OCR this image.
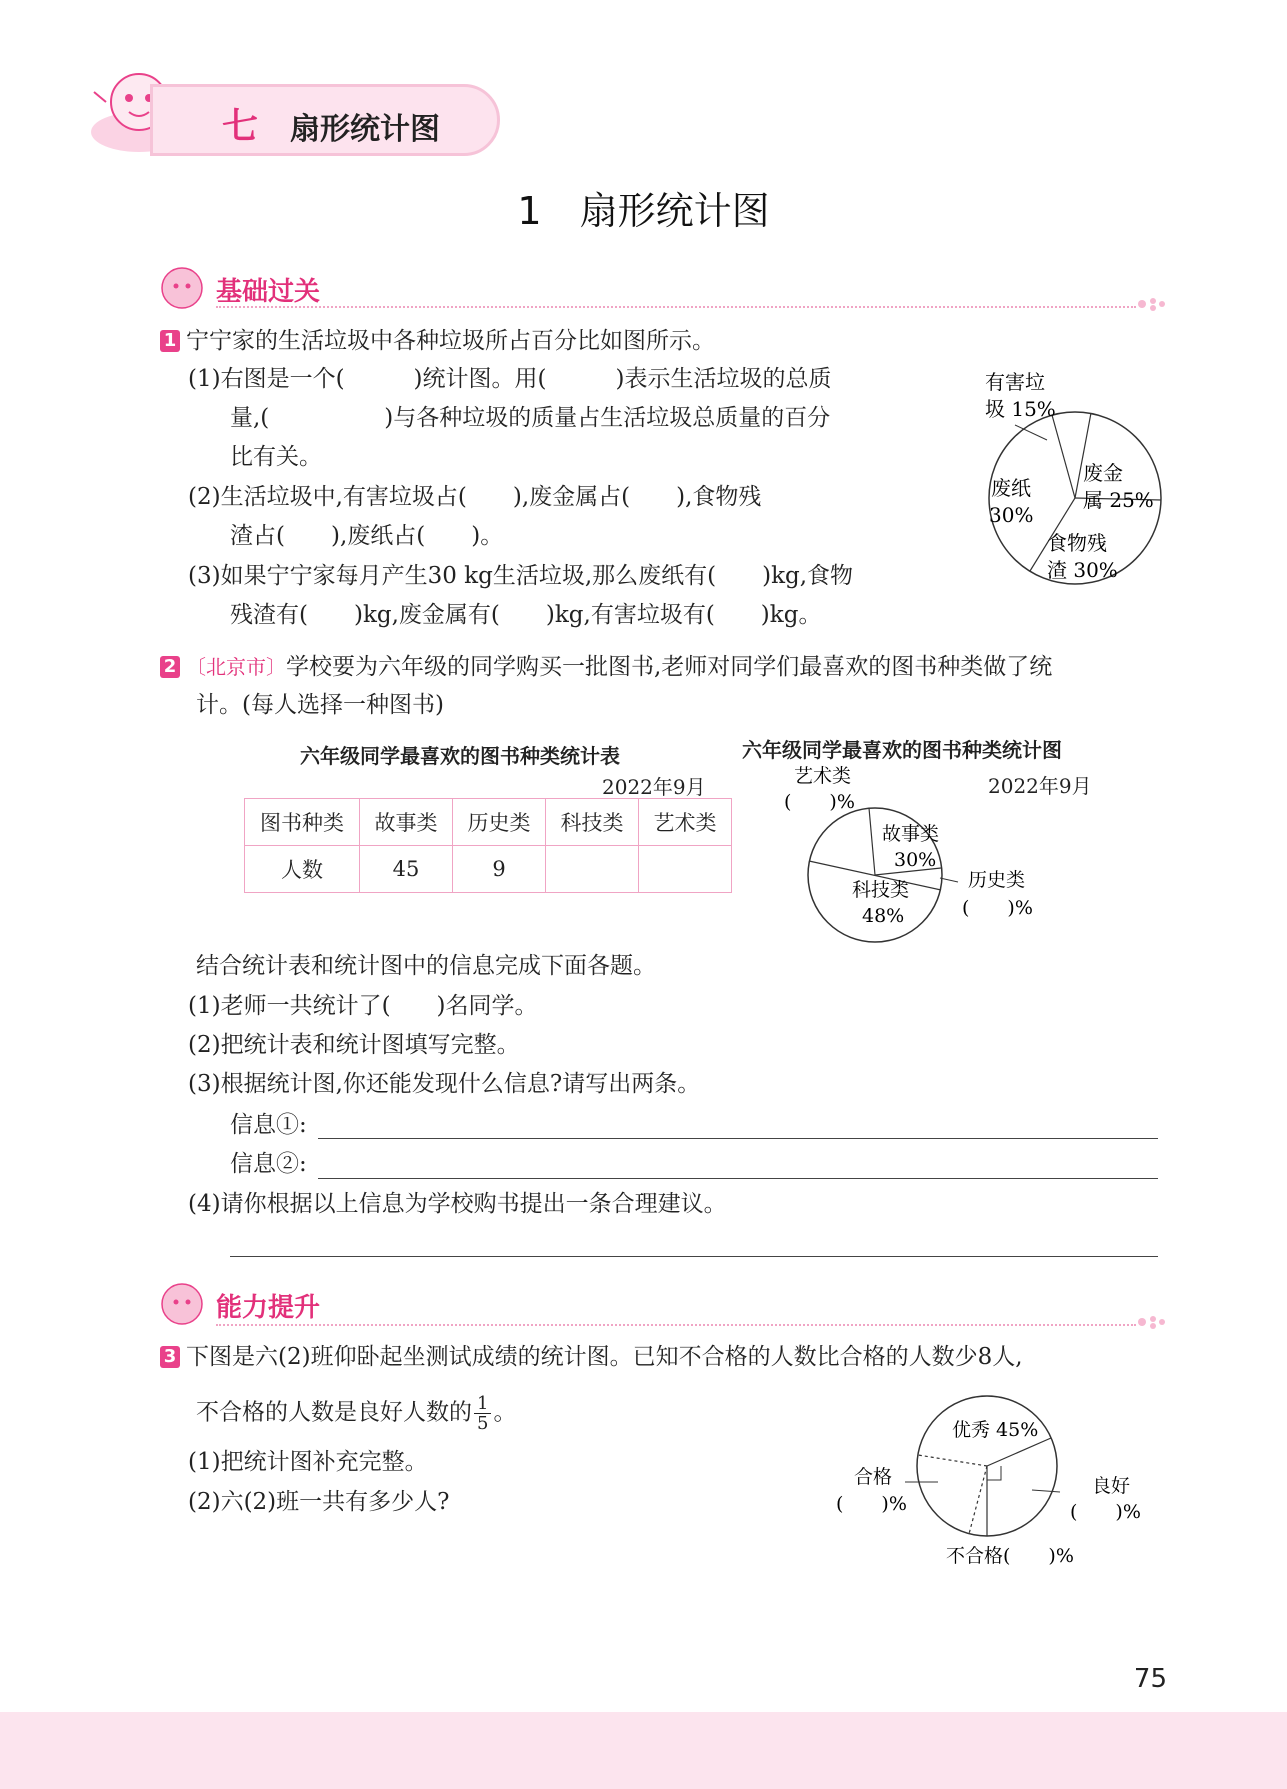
七 扇形统计图
1　扇形统计图
基础过关
1 宁宁家的生活垃圾中各种垃圾所占百分比如图所示。
(1)右图是一个(　　　)统计图。用(　　　)表示生活垃圾的总质
量,(　　　　　)与各种垃圾的质量占生活垃圾总质量的百分
比有关。
(2)生活垃圾中,有害垃圾占(　　),废金属占(　　),食物残
渣占(　　),废纸占(　　)。
(3)如果宁宁家每月产生30 kg生活垃圾,那么废纸有(　　)kg,食物
残渣有(　　)kg,废金属有(　　)kg,有害垃圾有(　　)kg。
有害垃
圾 15%
废纸
30%
废金
属 25%
食物残
渣 30%
2 〔北京市〕学校要为六年级的同学购买一批图书,老师对同学们最喜欢的图书种类做了统
计。(每人选择一种图书)
六年级同学最喜欢的图书种类统计表
2022年9月
图书种类	故事类	历史类	科技类	艺术类
人数	45	9		
六年级同学最喜欢的图书种类统计图
2022年9月
艺术类
(　　)%
故事类
30%
历史类
(　　)%
科技类
48%
结合统计表和统计图中的信息完成下面各题。
(1)老师一共统计了(　　)名同学。
(2)把统计表和统计图填写完整。
(3)根据统计图,你还能发现什么信息?请写出两条。
信息①:
信息②:
(4)请你根据以上信息为学校购书提出一条合理建议。
能力提升
3 下图是六(2)班仰卧起坐测试成绩的统计图。已知不合格的人数比合格的人数少8人,
不合格的人数是良好人数的 $\frac{1}{5}$ 。
(1)把统计图补充完整。
(2)六(2)班一共有多少人?
优秀 45%
合格
(　　)%
良好
(　　)%
不合格(　　)%
75
